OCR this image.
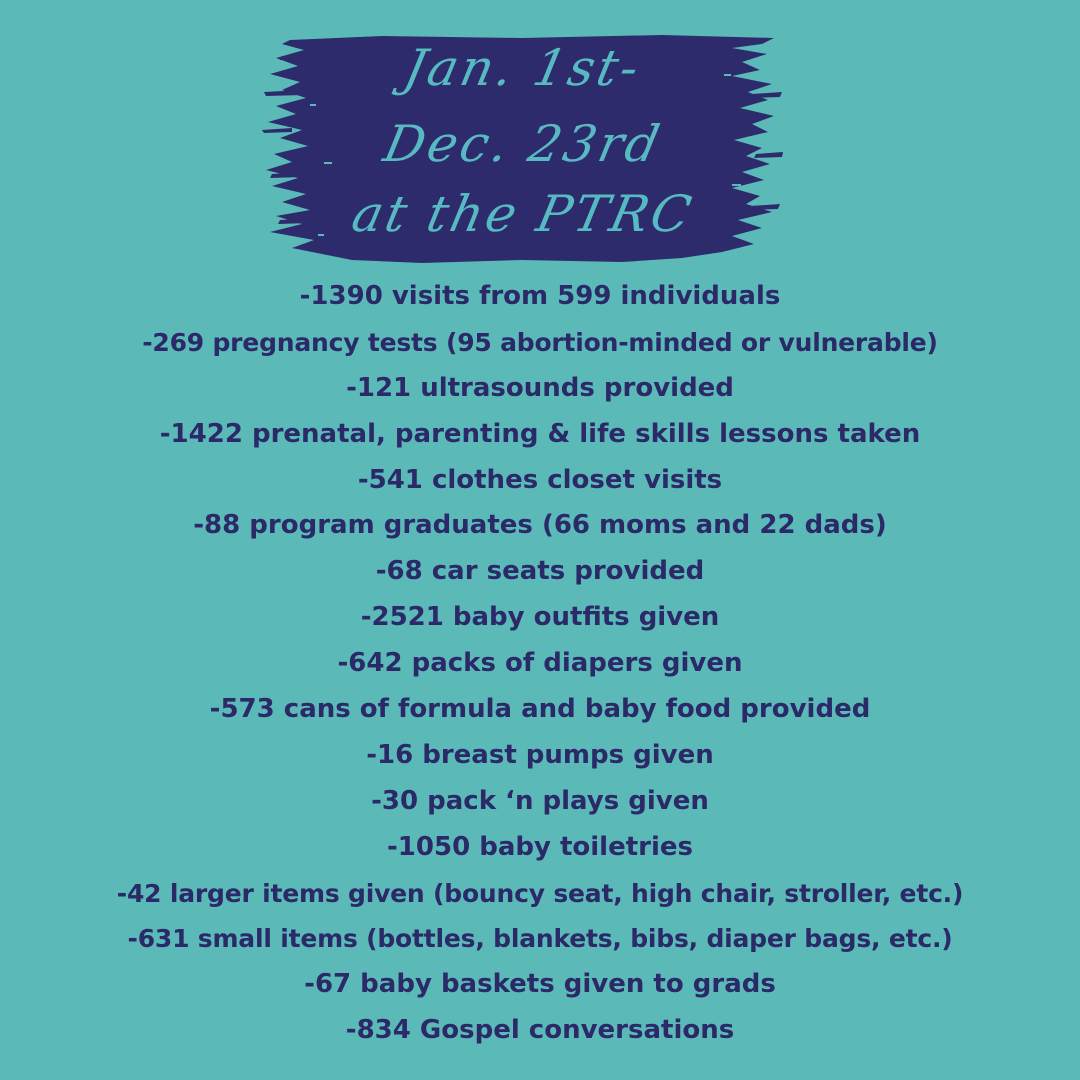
Jan. 1st-
Dec. 23rd
at the PTRC
-1390 visits from 599 individuals
-269 pregnancy tests (95 abortion-minded or vulnerable)
-121 ultrasounds provided
-1422 prenatal, parenting & life skills lessons taken
-541 clothes closet visits
-88 program graduates (66 moms and 22 dads)
-68 car seats provided
-2521 baby outfits given
-642 packs of diapers given
-573 cans of formula and baby food provided
-16 breast pumps given
-30 pack ‘n plays given
-1050 baby toiletries
-42 larger items given (bouncy seat, high chair, stroller, etc.)
-631 small items (bottles, blankets, bibs, diaper bags, etc.)
-67 baby baskets given to grads
-834 Gospel conversations
